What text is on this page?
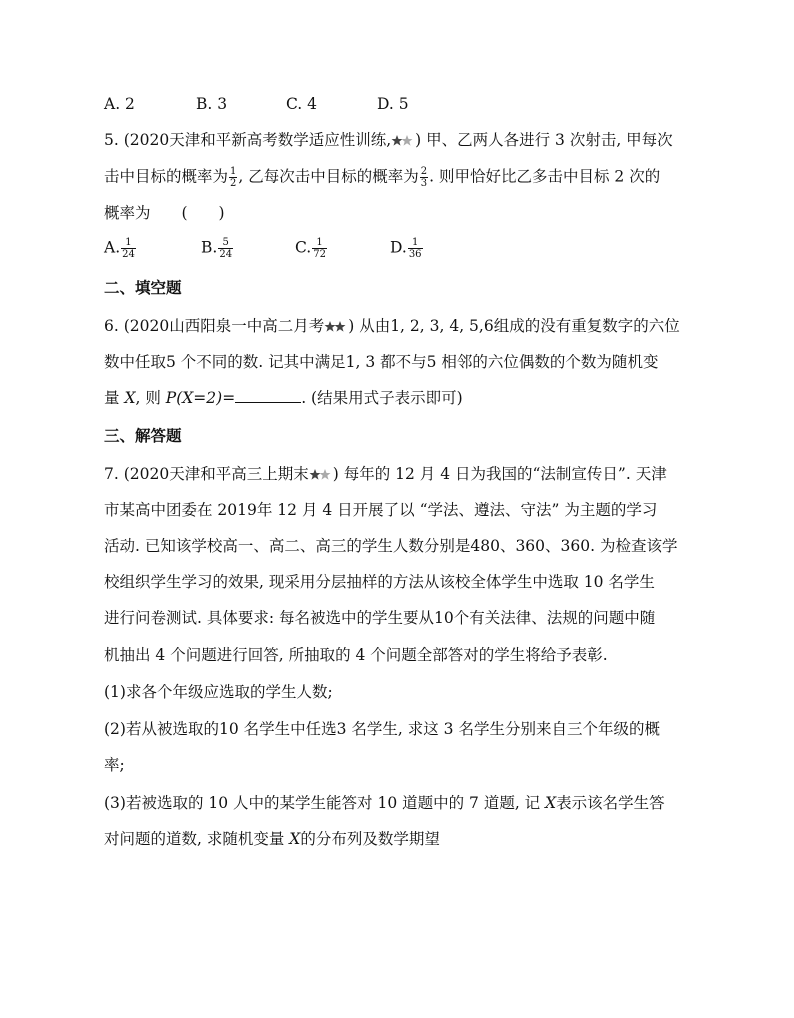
A. 2	B. 3	C. 4	D. 5
5. (2020天津和平新高考数学适应性训练, ) 甲、乙两人各进行 3 次射击, 甲每次
击中目标的概率为 $\frac{1}{2}$ , 乙每次击中目标的概率为 $\frac{2}{3}$ . 则甲恰好比乙多击中目标 2 次的
概率为　　(　　)
A. $\frac{1}{24}$	B. $\frac{5}{24}$	C. $\frac{1}{72}$	D. $\frac{1}{36}$
二、填空题
6. (2020山西阳泉一中高二月考 ) 从由1, 2, 3, 4, 5,6组成的没有重复数字的六位
数中任取5 个不同的数. 记其中满足1, 3 都不与5 相邻的六位偶数的个数为随机变
量 X, 则 P(X=2)=	. (结果用式子表示即可)
三、解答题
7. (2020天津和平高三上期末 ) 每年的 12 月 4 日为我国的“法制宣传日”. 天津
市某高中团委在 2019年 12 月 4 日开展了以 “学法、遵法、守法” 为主题的学习
活动. 已知该学校高一、高二、高三的学生人数分别是480、360、360. 为检查该学
校组织学生学习的效果, 现采用分层抽样的方法从该校全体学生中选取 10 名学生
进行问卷测试. 具体要求: 每名被选中的学生要从10个有关法律、法规的问题中随
机抽出 4 个问题进行回答, 所抽取的 4 个问题全部答对的学生将给予表彰.
(1)求各个年级应选取的学生人数;
(2)若从被选取的10 名学生中任选3 名学生, 求这 3 名学生分别来自三个年级的概
率;
(3)若被选取的 10 人中的某学生能答对 10 道题中的 7 道题, 记 X表示该名学生答
对问题的道数, 求随机变量 X的分布列及数学期望
